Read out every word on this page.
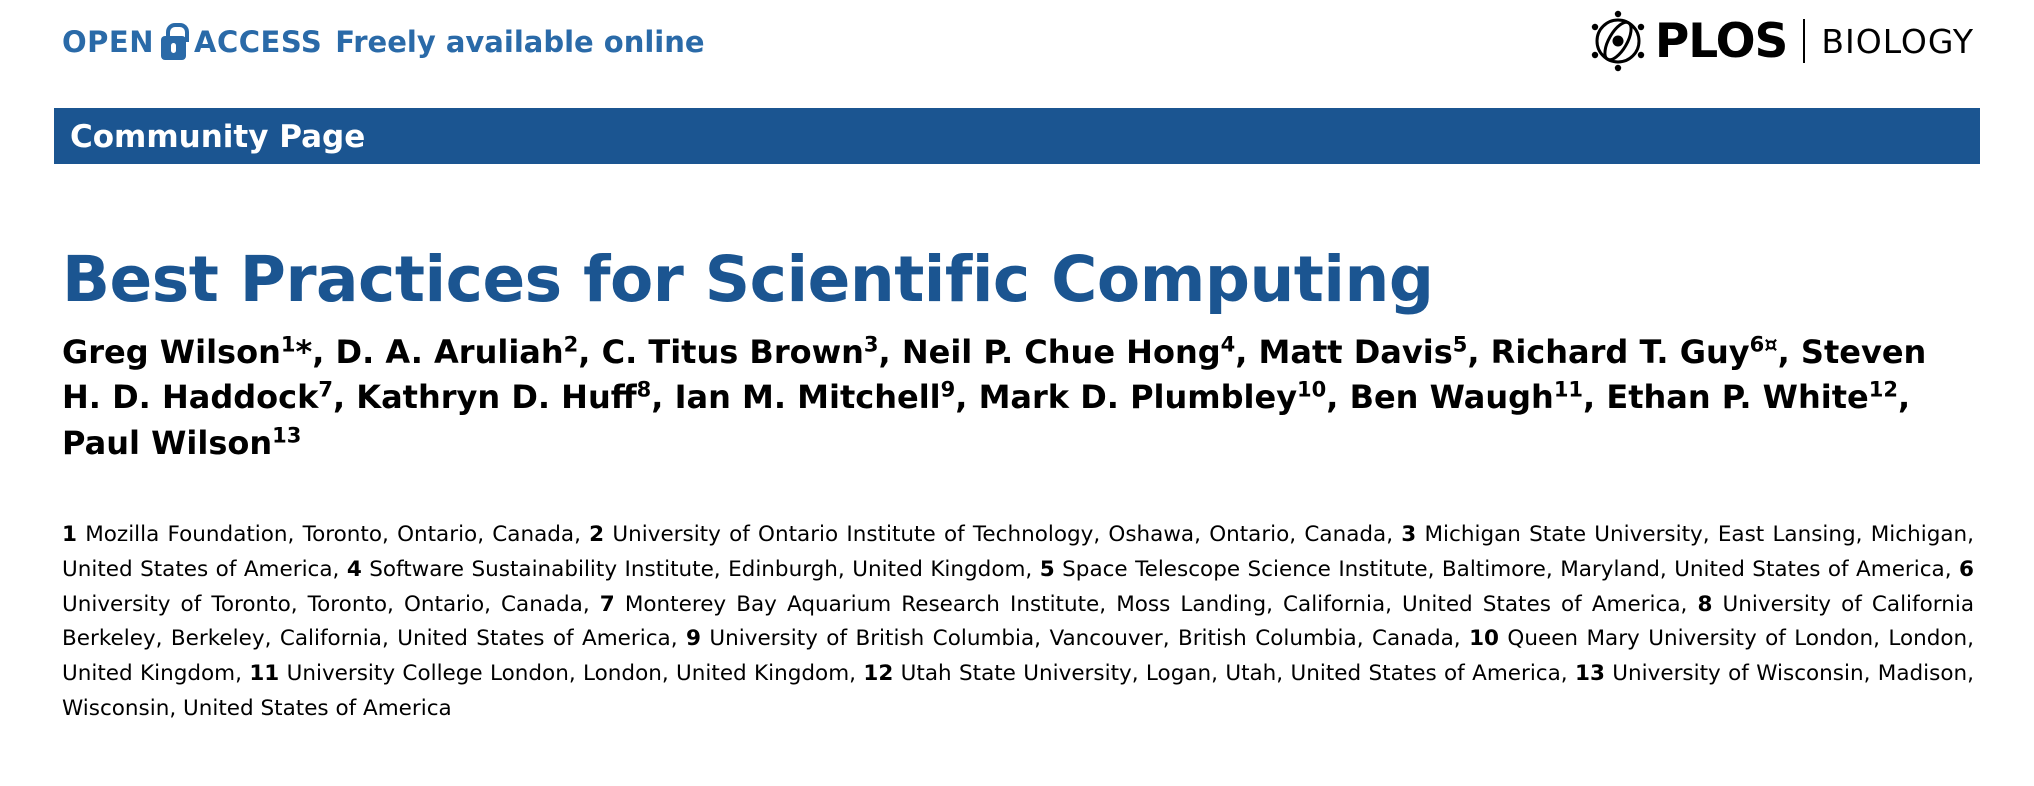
OPEN ACCESS Freely available online	PLOS BIOLOGY
Community Page
Best Practices for Scientific Computing
Greg Wilson$^1$*, D. A. Aruliah$^2$, C. Titus Brown$^3$, Neil P. Chue Hong$^4$, Matt Davis$^5$, Richard T. Guy$^{6¤}$, Steven H. D. Haddock$^7$, Kathryn D. Huff$^8$, Ian M. Mitchell$^9$, Mark D. Plumbley$^{10}$, Ben Waugh$^{11}$, Ethan P. White$^{12}$, Paul Wilson$^{13}$
1 Mozilla Foundation, Toronto, Ontario, Canada, 2 University of Ontario Institute of Technology, Oshawa, Ontario, Canada, 3 Michigan State University, East Lansing, Michigan, United States of America, 4 Software Sustainability Institute, Edinburgh, United Kingdom, 5 Space Telescope Science Institute, Baltimore, Maryland, United States of America, 6 University of Toronto, Toronto, Ontario, Canada, 7 Monterey Bay Aquarium Research Institute, Moss Landing, California, United States of America, 8 University of California Berkeley, Berkeley, California, United States of America, 9 University of British Columbia, Vancouver, British Columbia, Canada, 10 Queen Mary University of London, London, United Kingdom, 11 University College London, London, United Kingdom, 12 Utah State University, Logan, Utah, United States of America, 13 University of Wisconsin, Madison, Wisconsin, United States of America
